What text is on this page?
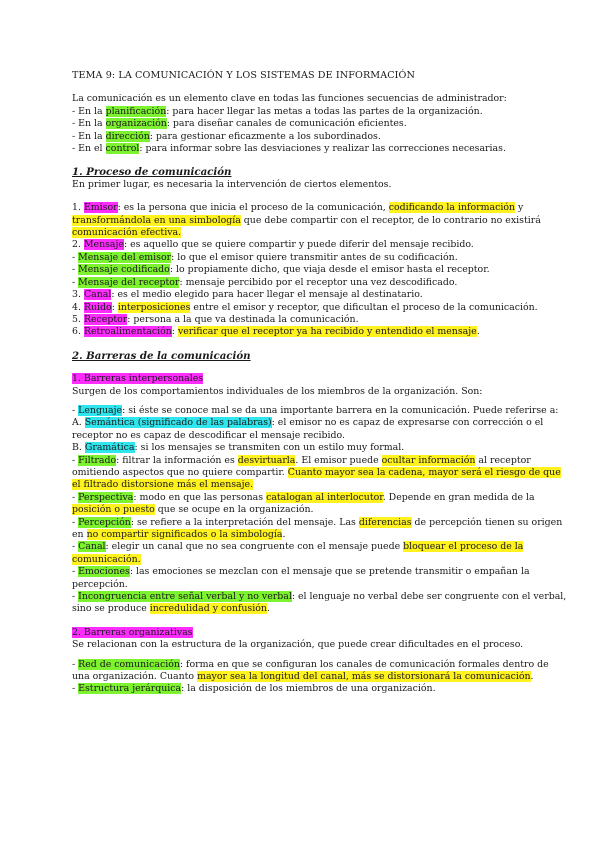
TEMA 9: LA COMUNICACIÓN Y LOS SISTEMAS DE INFORMACIÓN
La comunicación es un elemento clave en todas las funciones secuencias de administrador:
- En la planificación: para hacer llegar las metas a todas las partes de la organización.
- En la organización: para diseñar canales de comunicación eficientes.
- En la dirección: para gestionar eficazmente a los subordinados.
- En el control: para informar sobre las desviaciones y realizar las correcciones necesarias.
1. Proceso de comunicación
En primer lugar, es necesaria la intervención de ciertos elementos.
1. Emisor: es la persona que inicia el proceso de la comunicación, codificando la información y
transformándola en una simbología que debe compartir con el receptor, de lo contrario no existirá
comunicación efectiva.
2. Mensaje: es aquello que se quiere compartir y puede diferir del mensaje recibido.
- Mensaje del emisor: lo que el emisor quiere transmitir antes de su codificación.
- Mensaje codificado: lo propiamente dicho, que viaja desde el emisor hasta el receptor.
- Mensaje del receptor: mensaje percibido por el receptor una vez descodificado.
3. Canal: es el medio elegido para hacer llegar el mensaje al destinatario.
4. Ruido: interposiciones entre el emisor y receptor, que dificultan el proceso de la comunicación.
5. Receptor: persona a la que va destinada la comunicación.
6. Retroalimentación: verificar que el receptor ya ha recibido y entendido el mensaje.
2. Barreras de la comunicación
1. Barreras interpersonales
Surgen de los comportamientos individuales de los miembros de la organización. Son:
- Lenguaje: si éste se conoce mal se da una importante barrera en la comunicación. Puede referirse a:
A. Semántica (significado de las palabras): el emisor no es capaz de expresarse con corrección o el
receptor no es capaz de descodificar el mensaje recibido.
B. Gramática: si los mensajes se transmiten con un estilo muy formal.
- Filtrado: filtrar la información es desvirtuarla. El emisor puede ocultar información al receptor
omitiendo aspectos que no quiere compartir. Cuanto mayor sea la cadena, mayor será el riesgo de que
el filtrado distorsione más el mensaje.
- Perspectiva: modo en que las personas catalogan al interlocutor. Depende en gran medida de la
posición o puesto que se ocupe en la organización.
- Percepción: se refiere a la interpretación del mensaje. Las diferencias de percepción tienen su origen
en no compartir significados o la simbología.
- Canal: elegir un canal que no sea congruente con el mensaje puede bloquear el proceso de la
comunicación.
- Emociones: las emociones se mezclan con el mensaje que se pretende transmitir o empañan la
percepción.
- Incongruencia entre señal verbal y no verbal: el lenguaje no verbal debe ser congruente con el verbal,
sino se produce incredulidad y confusión.
2. Barreras organizativas
Se relacionan con la estructura de la organización, que puede crear dificultades en el proceso.
- Red de comunicación: forma en que se configuran los canales de comunicación formales dentro de
una organización. Cuanto mayor sea la longitud del canal, más se distorsionará la comunicación.
- Estructura jerárquica: la disposición de los miembros de una organización.
